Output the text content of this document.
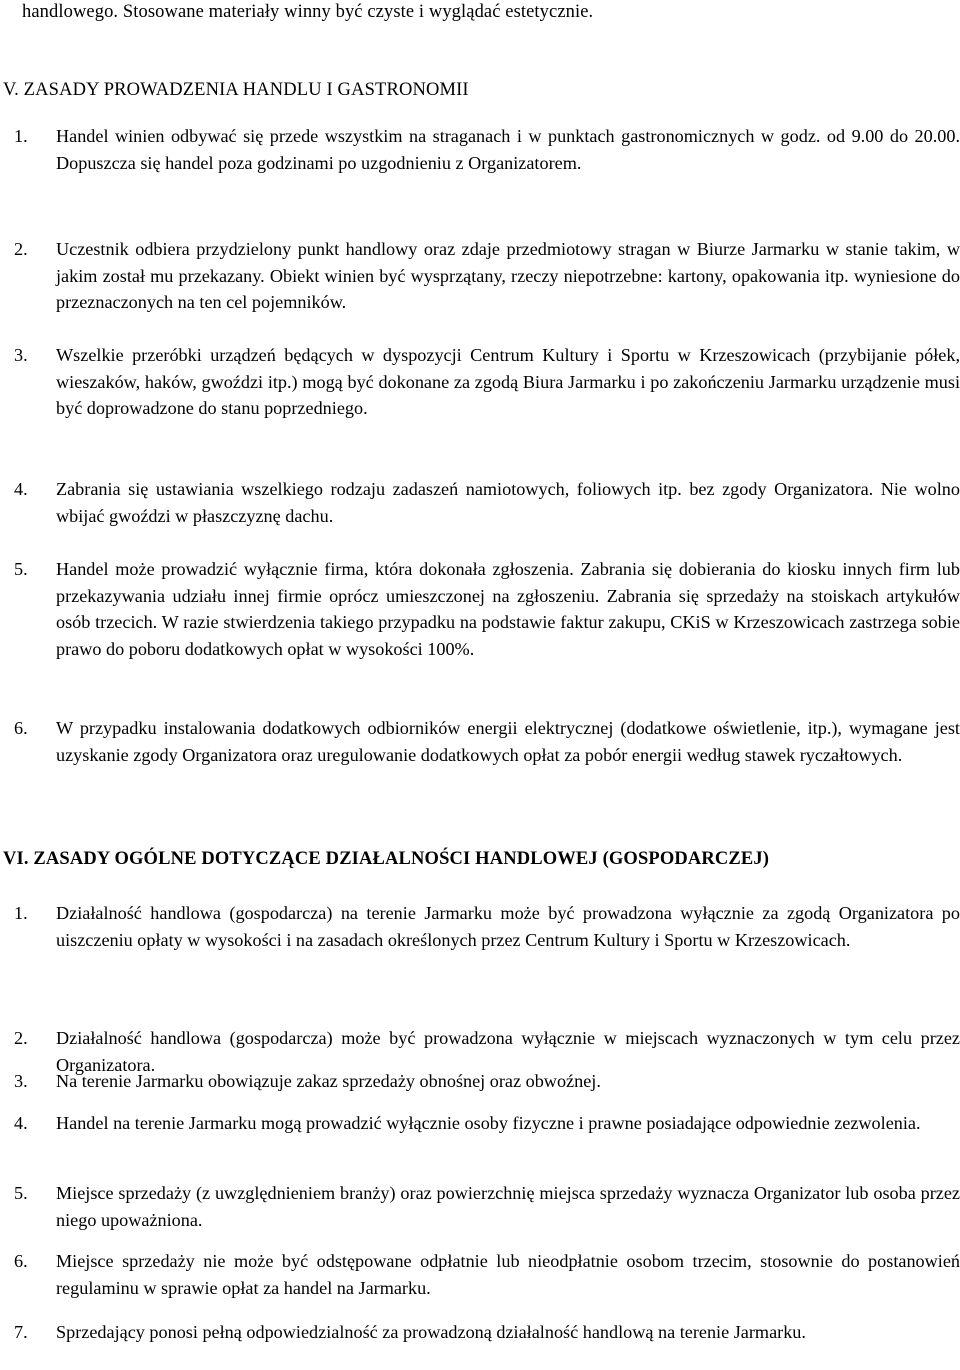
handlowego. Stosowane materiały winny być czyste i wyglądać estetycznie.
V. ZASADY PROWADZENIA HANDLU I GASTRONOMII
1. Handel winien odbywać się przede wszystkim na straganach i w punktach gastronomicznych w godz. od 9.00 do 20.00. Dopuszcza się handel poza godzinami po uzgodnieniu z Organizatorem.
2. Uczestnik odbiera przydzielony punkt handlowy oraz zdaje przedmiotowy stragan w Biurze Jarmarku w stanie takim, w jakim został mu przekazany. Obiekt winien być wysprzątany, rzeczy niepotrzebne: kartony, opakowania itp. wyniesione do przeznaczonych na ten cel pojemników.
3. Wszelkie przeróbki urządzeń będących w dyspozycji Centrum Kultury i Sportu w Krzeszowicach (przybijanie półek, wieszaków, haków, gwoździ itp.) mogą być dokonane za zgodą Biura Jarmarku i po zakończeniu Jarmarku urządzenie musi być doprowadzone do stanu poprzedniego.
4. Zabrania się ustawiania wszelkiego rodzaju zadaszeń namiotowych, foliowych itp. bez zgody Organizatora. Nie wolno wbijać gwoździ w płaszczyznę dachu.
5. Handel może prowadzić wyłącznie firma, która dokonała zgłoszenia. Zabrania się dobierania do kiosku innych firm lub przekazywania udziału innej firmie oprócz umieszczonej na zgłoszeniu. Zabrania się sprzedaży na stoiskach artykułów osób trzecich. W razie stwierdzenia takiego przypadku na podstawie faktur zakupu, CKiS w Krzeszowicach zastrzega sobie prawo do poboru dodatkowych opłat w wysokości 100%.
6. W przypadku instalowania dodatkowych odbiorników energii elektrycznej (dodatkowe oświetlenie, itp.), wymagane jest uzyskanie zgody Organizatora oraz uregulowanie dodatkowych opłat za pobór energii według stawek ryczałtowych.
VI. ZASADY OGÓLNE DOTYCZĄCE DZIAŁALNOŚCI HANDLOWEJ (GOSPODARCZEJ)
1. Działalność handlowa (gospodarcza) na terenie Jarmarku może być prowadzona wyłącznie za zgodą Organizatora po uiszczeniu opłaty w wysokości i na zasadach określonych przez Centrum Kultury i Sportu w Krzeszowicach.
2. Działalność handlowa (gospodarcza) może być prowadzona wyłącznie w miejscach wyznaczonych w tym celu przez Organizatora.
3. Na terenie Jarmarku obowiązuje zakaz sprzedaży obnośnej oraz obwoźnej.
4. Handel na terenie Jarmarku mogą prowadzić wyłącznie osoby fizyczne i prawne posiadające odpowiednie zezwolenia.
5. Miejsce sprzedaży (z uwzględnieniem branży) oraz powierzchnię miejsca sprzedaży wyznacza Organizator lub osoba przez niego upoważniona.
6. Miejsce sprzedaży nie może być odstępowane odpłatnie lub nieodpłatnie osobom trzecim, stosownie do postanowień regulaminu w sprawie opłat za handel na Jarmarku.
7. Sprzedający ponosi pełną odpowiedzialność za prowadzoną działalność handlową na terenie Jarmarku.
